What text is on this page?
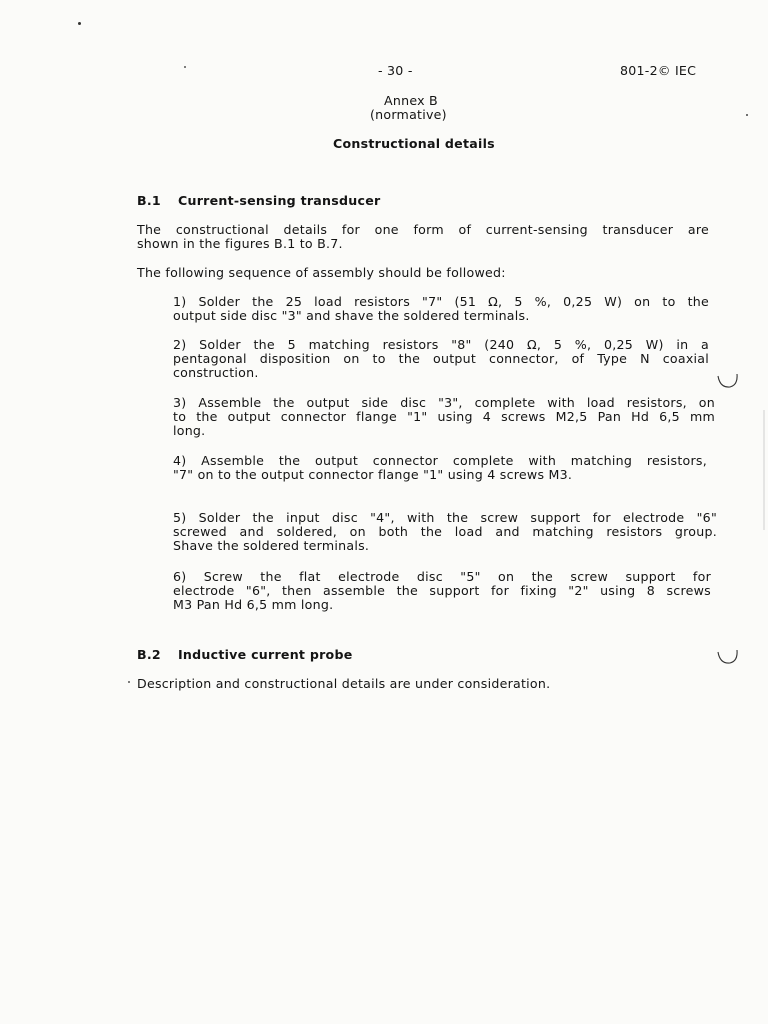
- 30 -	801-2© IEC
Annex B
(normative)
Constructional details
B.1 Current-sensing transducer
The constructional details for one form of current-sensing transducer are
shown in the figures B.1 to B.7.
The following sequence of assembly should be followed:
1) Solder the 25 load resistors "7" (51 Ω, 5 %, 0,25 W) on to the
output side disc "3" and shave the soldered terminals.
2) Solder the 5 matching resistors "8" (240 Ω, 5 %, 0,25 W) in a
pentagonal disposition on to the output connector, of Type N coaxial
construction.
3) Assemble the output side disc "3", complete with load resistors, on
to the output connector flange "1" using 4 screws M2,5 Pan Hd 6,5 mm
long.
4) Assemble the output connector complete with matching resistors,
"7" on to the output connector flange "1" using 4 screws M3.
5) Solder the input disc "4", with the screw support for electrode "6"
screwed and soldered, on both the load and matching resistors group.
Shave the soldered terminals.
6) Screw the flat electrode disc "5" on the screw support for
electrode "6", then assemble the support for fixing "2" using 8 screws
M3 Pan Hd 6,5 mm long.
B.2 Inductive current probe
Description and constructional details are under consideration.
